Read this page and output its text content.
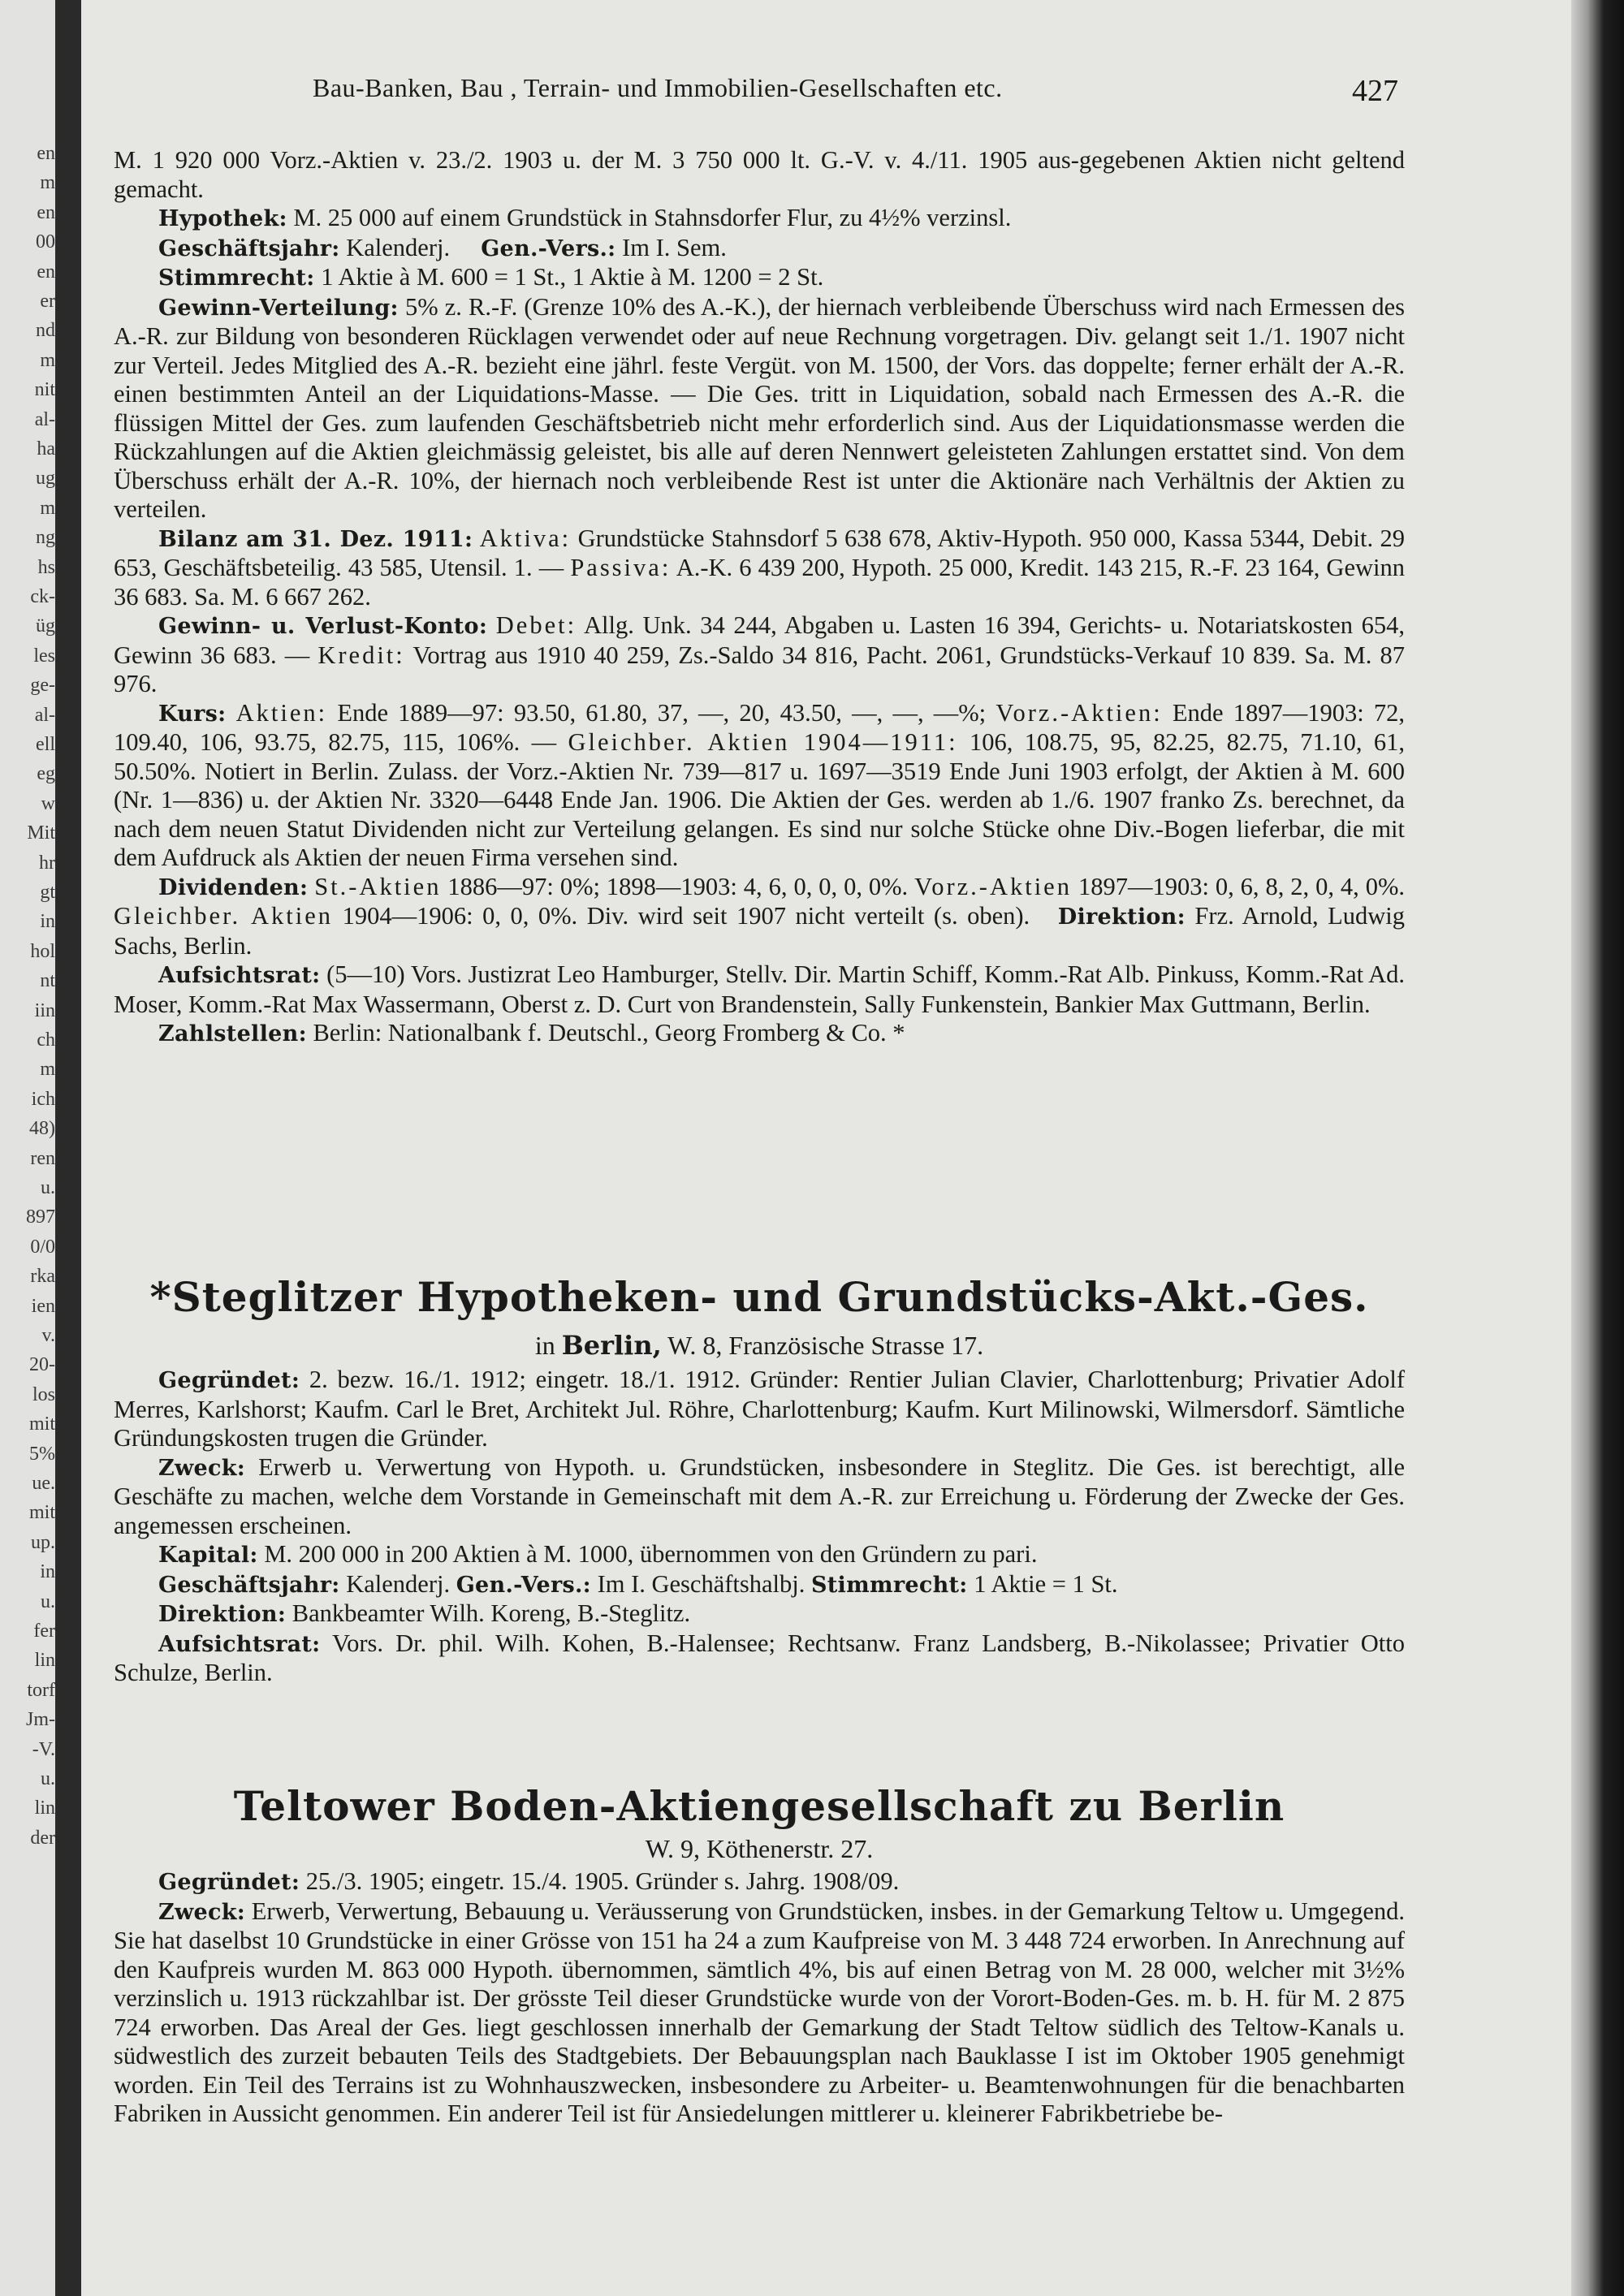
en
m
en
00
en
er
nd
m
nit
al-
ha
ug
m
ng
hs
ck-
üg
les
ge-
al-
ell
eg
w
Mit
hr
gt
in
hol
nt
iin
ch
m
ich
48)
ren
u.
897
0/0
rka
ien
v.
20-
los
mit
5%
ue.
mit
up.
in
u.
fer
lin
torf
Jm-
-V.
u.
lin
der
Bau-Banken, Bau , Terrain- und Immobilien-Gesellschaften etc.	427

M. 1 920 000 Vorz.-Aktien v. 23./2. 1903 u. der M. 3 750 000 lt. G.-V. v. 4./11. 1905 aus-gegebenen Aktien nicht geltend gemacht.

Hypothek: M. 25 000 auf einem Grundstück in Stahnsdorfer Flur, zu 4½% verzinsl.

Geschäftsjahr: Kalenderj. Gen.-Vers.: Im I. Sem.

Stimmrecht: 1 Aktie à M. 600 = 1 St., 1 Aktie à M. 1200 = 2 St.

Gewinn-Verteilung: 5% z. R.-F. (Grenze 10% des A.-K.), der hiernach verbleibende Überschuss wird nach Ermessen des A.-R. zur Bildung von besonderen Rücklagen verwendet oder auf neue Rechnung vorgetragen. Div. gelangt seit 1./1. 1907 nicht zur Verteil. Jedes Mitglied des A.-R. bezieht eine jährl. feste Vergüt. von M. 1500, der Vors. das doppelte; ferner erhält der A.-R. einen bestimmten Anteil an der Liquidations-Masse. — Die Ges. tritt in Liquidation, sobald nach Ermessen des A.-R. die flüssigen Mittel der Ges. zum laufenden Geschäftsbetrieb nicht mehr erforderlich sind. Aus der Liquidationsmasse werden die Rückzahlungen auf die Aktien gleichmässig geleistet, bis alle auf deren Nennwert geleisteten Zahlungen erstattet sind. Von dem Überschuss erhält der A.-R. 10%, der hiernach noch verbleibende Rest ist unter die Aktionäre nach Verhältnis der Aktien zu verteilen.

Bilanz am 31. Dez. 1911: Aktiva: Grundstücke Stahnsdorf 5 638 678, Aktiv-Hypoth. 950 000, Kassa 5344, Debit. 29 653, Geschäftsbeteilig. 43 585, Utensil. 1. — Passiva: A.-K. 6 439 200, Hypoth. 25 000, Kredit. 143 215, R.-F. 23 164, Gewinn 36 683. Sa. M. 6 667 262.

Gewinn- u. Verlust-Konto: Debet: Allg. Unk. 34 244, Abgaben u. Lasten 16 394, Gerichts- u. Notariatskosten 654, Gewinn 36 683. — Kredit: Vortrag aus 1910 40 259, Zs.-Saldo 34 816, Pacht. 2061, Grundstücks-Verkauf 10 839. Sa. M. 87 976.

Kurs: Aktien: Ende 1889—97: 93.50, 61.80, 37, —, 20, 43.50, —, —, —%; Vorz.-Aktien: Ende 1897—1903: 72, 109.40, 106, 93.75, 82.75, 115, 106%. — Gleichber. Aktien 1904—1911: 106, 108.75, 95, 82.25, 82.75, 71.10, 61, 50.50%. Notiert in Berlin. Zulass. der Vorz.-Aktien Nr. 739—817 u. 1697—3519 Ende Juni 1903 erfolgt, der Aktien à M. 600 (Nr. 1—836) u. der Aktien Nr. 3320—6448 Ende Jan. 1906. Die Aktien der Ges. werden ab 1./6. 1907 franko Zs. berechnet, da nach dem neuen Statut Dividenden nicht zur Verteilung gelangen. Es sind nur solche Stücke ohne Div.-Bogen lieferbar, die mit dem Aufdruck als Aktien der neuen Firma versehen sind.

Dividenden: St.-Aktien 1886—97: 0%; 1898—1903: 4, 6, 0, 0, 0, 0%. Vorz.-Aktien 1897—1903: 0, 6, 8, 2, 0, 4, 0%. Gleichber. Aktien 1904—1906: 0, 0, 0%. Div. wird seit 1907 nicht verteilt (s. oben). Direktion: Frz. Arnold, Ludwig Sachs, Berlin.

Aufsichtsrat: (5—10) Vors. Justizrat Leo Hamburger, Stellv. Dir. Martin Schiff, Komm.-Rat Alb. Pinkuss, Komm.-Rat Ad. Moser, Komm.-Rat Max Wassermann, Oberst z. D. Curt von Brandenstein, Sally Funkenstein, Bankier Max Guttmann, Berlin.

Zahlstellen: Berlin: Nationalbank f. Deutschl., Georg Fromberg & Co. *

*Steglitzer Hypotheken- und Grundstücks-Akt.-Ges.
in Berlin, W. 8, Französische Strasse 17.

Gegründet: 2. bezw. 16./1. 1912; eingetr. 18./1. 1912. Gründer: Rentier Julian Clavier, Charlottenburg; Privatier Adolf Merres, Karlshorst; Kaufm. Carl le Bret, Architekt Jul. Röhre, Charlottenburg; Kaufm. Kurt Milinowski, Wilmersdorf. Sämtliche Gründungskosten trugen die Gründer.

Zweck: Erwerb u. Verwertung von Hypoth. u. Grundstücken, insbesondere in Steglitz. Die Ges. ist berechtigt, alle Geschäfte zu machen, welche dem Vorstande in Gemeinschaft mit dem A.-R. zur Erreichung u. Förderung der Zwecke der Ges. angemessen erscheinen.

Kapital: M. 200 000 in 200 Aktien à M. 1000, übernommen von den Gründern zu pari.

Geschäftsjahr: Kalenderj. Gen.-Vers.: Im I. Geschäftshalbj. Stimmrecht: 1 Aktie = 1 St.

Direktion: Bankbeamter Wilh. Koreng, B.-Steglitz.

Aufsichtsrat: Vors. Dr. phil. Wilh. Kohen, B.-Halensee; Rechtsanw. Franz Landsberg, B.-Nikolassee; Privatier Otto Schulze, Berlin.

Teltower Boden-Aktiengesellschaft zu Berlin
W. 9, Köthenerstr. 27.

Gegründet: 25./3. 1905; eingetr. 15./4. 1905. Gründer s. Jahrg. 1908/09.

Zweck: Erwerb, Verwertung, Bebauung u. Veräusserung von Grundstücken, insbes. in der Gemarkung Teltow u. Umgegend. Sie hat daselbst 10 Grundstücke in einer Grösse von 151 ha 24 a zum Kaufpreise von M. 3 448 724 erworben. In Anrechnung auf den Kaufpreis wurden M. 863 000 Hypoth. übernommen, sämtlich 4%, bis auf einen Betrag von M. 28 000, welcher mit 3½% verzinslich u. 1913 rückzahlbar ist. Der grösste Teil dieser Grundstücke wurde von der Vorort-Boden-Ges. m. b. H. für M. 2 875 724 erworben. Das Areal der Ges. liegt geschlossen innerhalb der Gemarkung der Stadt Teltow südlich des Teltow-Kanals u. südwestlich des zurzeit bebauten Teils des Stadtgebiets. Der Bebauungsplan nach Bauklasse I ist im Oktober 1905 genehmigt worden. Ein Teil des Terrains ist zu Wohnhauszwecken, insbesondere zu Arbeiter- u. Beamtenwohnungen für die benachbarten Fabriken in Aussicht genommen. Ein anderer Teil ist für Ansiedelungen mittlerer u. kleinerer Fabrikbetriebe be-
